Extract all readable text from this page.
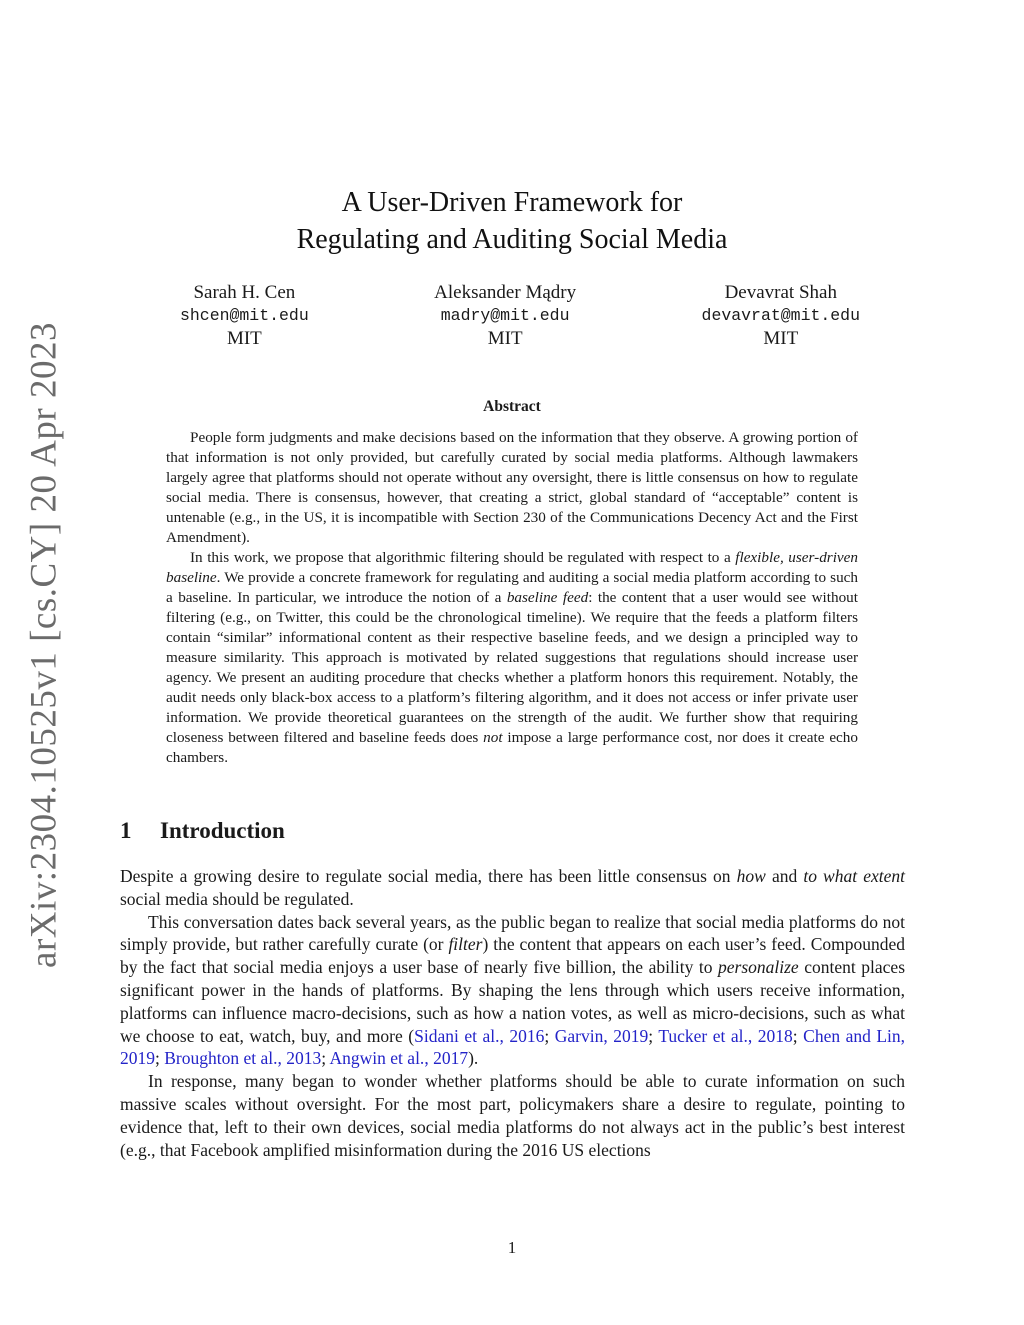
arXiv:2304.10525v1 [cs.CY] 20 Apr 2023
A User-Driven Framework for
Regulating and Auditing Social Media
Sarah H. Cen
shcen@mit.edu
MIT
Aleksander Mądry
madry@mit.edu
MIT
Devavrat Shah
devavrat@mit.edu
MIT
Abstract

People form judgments and make decisions based on the information that they observe. A growing portion of that information is not only provided, but carefully curated by social media platforms. Although lawmakers largely agree that platforms should not operate without any oversight, there is little consensus on how to regulate social media. There is consensus, however, that creating a strict, global standard of “acceptable” content is untenable (e.g., in the US, it is incompatible with Section 230 of the Communications Decency Act and the First Amendment).

In this work, we propose that algorithmic filtering should be regulated with respect to a flexible, user-driven baseline. We provide a concrete framework for regulating and auditing a social media platform according to such a baseline. In particular, we introduce the notion of a baseline feed: the content that a user would see without filtering (e.g., on Twitter, this could be the chronological timeline). We require that the feeds a platform filters contain “similar” informational content as their respective baseline feeds, and we design a principled way to measure similarity. This approach is motivated by related suggestions that regulations should increase user agency. We present an auditing procedure that checks whether a platform honors this requirement. Notably, the audit needs only black-box access to a platform’s filtering algorithm, and it does not access or infer private user information. We provide theoretical guarantees on the strength of the audit. We further show that requiring closeness between filtered and baseline feeds does not impose a large performance cost, nor does it create echo chambers.

1 Introduction

Despite a growing desire to regulate social media, there has been little consensus on how and to what extent social media should be regulated.

This conversation dates back several years, as the public began to realize that social media platforms do not simply provide, but rather carefully curate (or filter) the content that appears on each user’s feed. Compounded by the fact that social media enjoys a user base of nearly five billion, the ability to personalize content places significant power in the hands of platforms. By shaping the lens through which users receive information, platforms can influence macro-decisions, such as how a nation votes, as well as micro-decisions, such as what we choose to eat, watch, buy, and more (Sidani et al., 2016; Garvin, 2019; Tucker et al., 2018; Chen and Lin, 2019; Broughton et al., 2013; Angwin et al., 2017).

In response, many began to wonder whether platforms should be able to curate information on such massive scales without oversight. For the most part, policymakers share a desire to regulate, pointing to evidence that, left to their own devices, social media platforms do not always act in the public’s best interest (e.g., that Facebook amplified misinformation during the 2016 US elections

1
